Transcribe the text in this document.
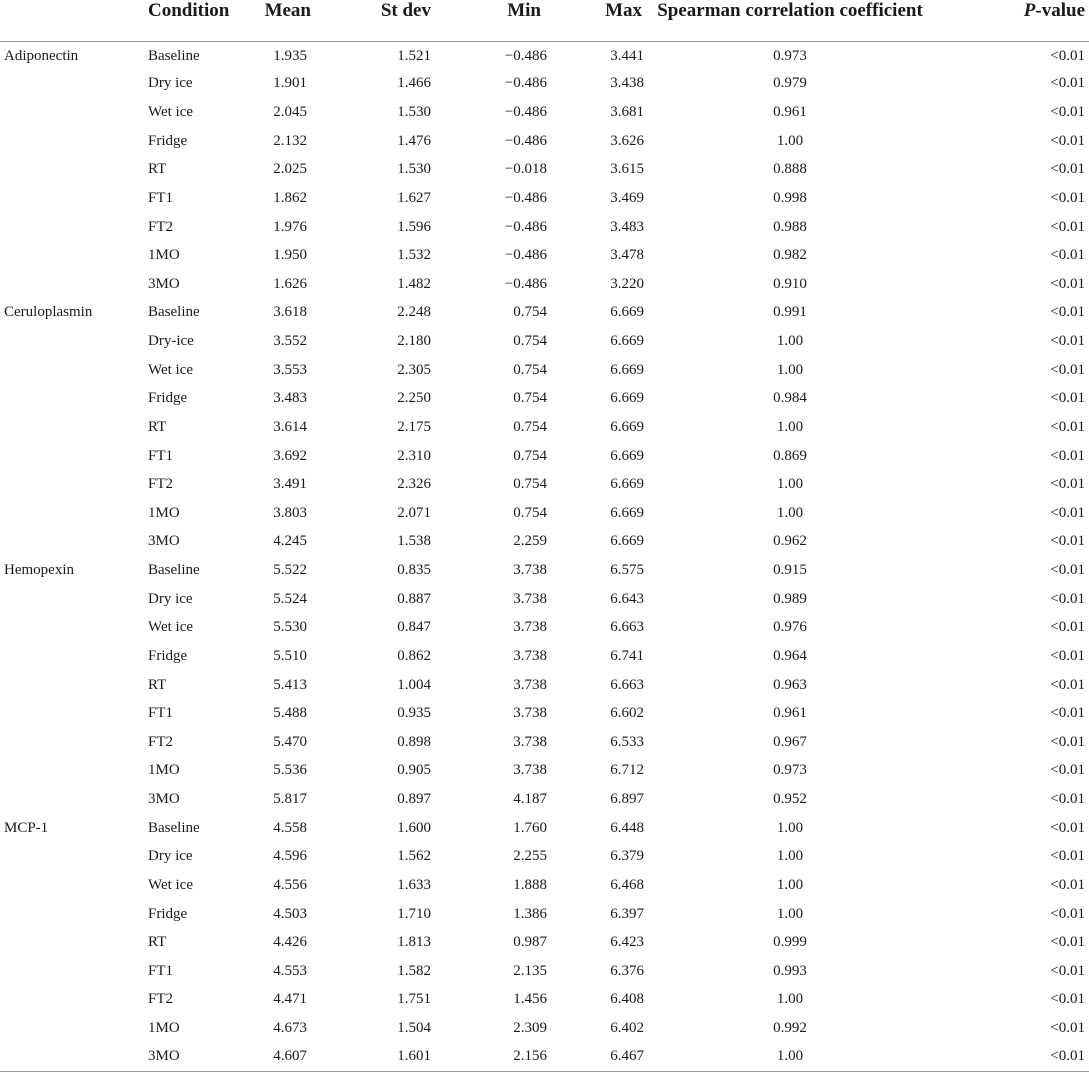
	Condition	Mean	St dev	Min	Max	Spearman correlation coefficient	P-value
Adiponectin	Baseline	1.935	1.521	−0.486	3.441	0.973	<0.01
	Dry ice	1.901	1.466	−0.486	3.438	0.979	<0.01
	Wet ice	2.045	1.530	−0.486	3.681	0.961	<0.01
	Fridge	2.132	1.476	−0.486	3.626	1.00	<0.01
	RT	2.025	1.530	−0.018	3.615	0.888	<0.01
	FT1	1.862	1.627	−0.486	3.469	0.998	<0.01
	FT2	1.976	1.596	−0.486	3.483	0.988	<0.01
	1MO	1.950	1.532	−0.486	3.478	0.982	<0.01
	3MO	1.626	1.482	−0.486	3.220	0.910	<0.01
Ceruloplasmin	Baseline	3.618	2.248	0.754	6.669	0.991	<0.01
	Dry-ice	3.552	2.180	0.754	6.669	1.00	<0.01
	Wet ice	3.553	2.305	0.754	6.669	1.00	<0.01
	Fridge	3.483	2.250	0.754	6.669	0.984	<0.01
	RT	3.614	2.175	0.754	6.669	1.00	<0.01
	FT1	3.692	2.310	0.754	6.669	0.869	<0.01
	FT2	3.491	2.326	0.754	6.669	1.00	<0.01
	1MO	3.803	2.071	0.754	6.669	1.00	<0.01
	3MO	4.245	1.538	2.259	6.669	0.962	<0.01
Hemopexin	Baseline	5.522	0.835	3.738	6.575	0.915	<0.01
	Dry ice	5.524	0.887	3.738	6.643	0.989	<0.01
	Wet ice	5.530	0.847	3.738	6.663	0.976	<0.01
	Fridge	5.510	0.862	3.738	6.741	0.964	<0.01
	RT	5.413	1.004	3.738	6.663	0.963	<0.01
	FT1	5.488	0.935	3.738	6.602	0.961	<0.01
	FT2	5.470	0.898	3.738	6.533	0.967	<0.01
	1MO	5.536	0.905	3.738	6.712	0.973	<0.01
	3MO	5.817	0.897	4.187	6.897	0.952	<0.01
MCP-1	Baseline	4.558	1.600	1.760	6.448	1.00	<0.01
	Dry ice	4.596	1.562	2.255	6.379	1.00	<0.01
	Wet ice	4.556	1.633	1.888	6.468	1.00	<0.01
	Fridge	4.503	1.710	1.386	6.397	1.00	<0.01
	RT	4.426	1.813	0.987	6.423	0.999	<0.01
	FT1	4.553	1.582	2.135	6.376	0.993	<0.01
	FT2	4.471	1.751	1.456	6.408	1.00	<0.01
	1MO	4.673	1.504	2.309	6.402	0.992	<0.01
	3MO	4.607	1.601	2.156	6.467	1.00	<0.01
